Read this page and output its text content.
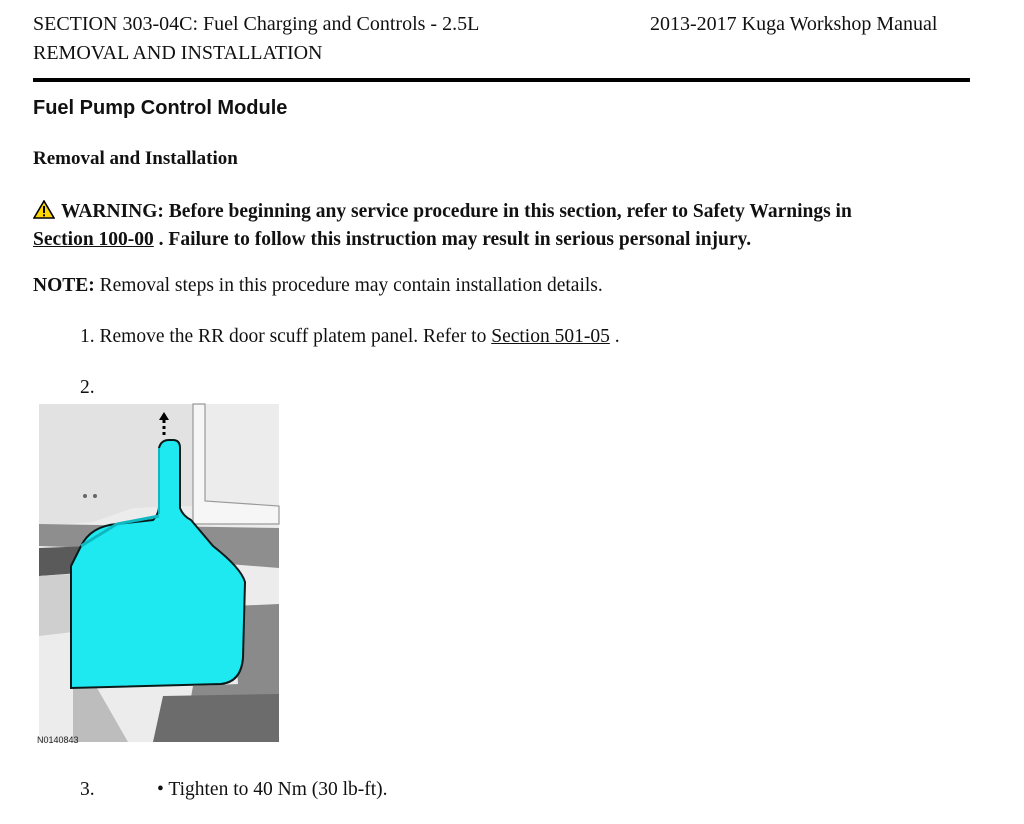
SECTION 303-04C: Fuel Charging and Controls - 2.5L
REMOVAL AND INSTALLATION
2013-2017 Kuga Workshop Manual
Fuel Pump Control Module
Removal and Installation
WARNING: Before beginning any service procedure in this section, refer to Safety Warnings in
Section 100-00 . Failure to follow this instruction may result in serious personal injury.
NOTE: Removal steps in this procedure may contain installation details.
1. Remove the RR door scuff platem panel. Refer to Section 501-05 .
2.
N0140843
3.	• Tighten to 40 Nm (30 lb-ft).
